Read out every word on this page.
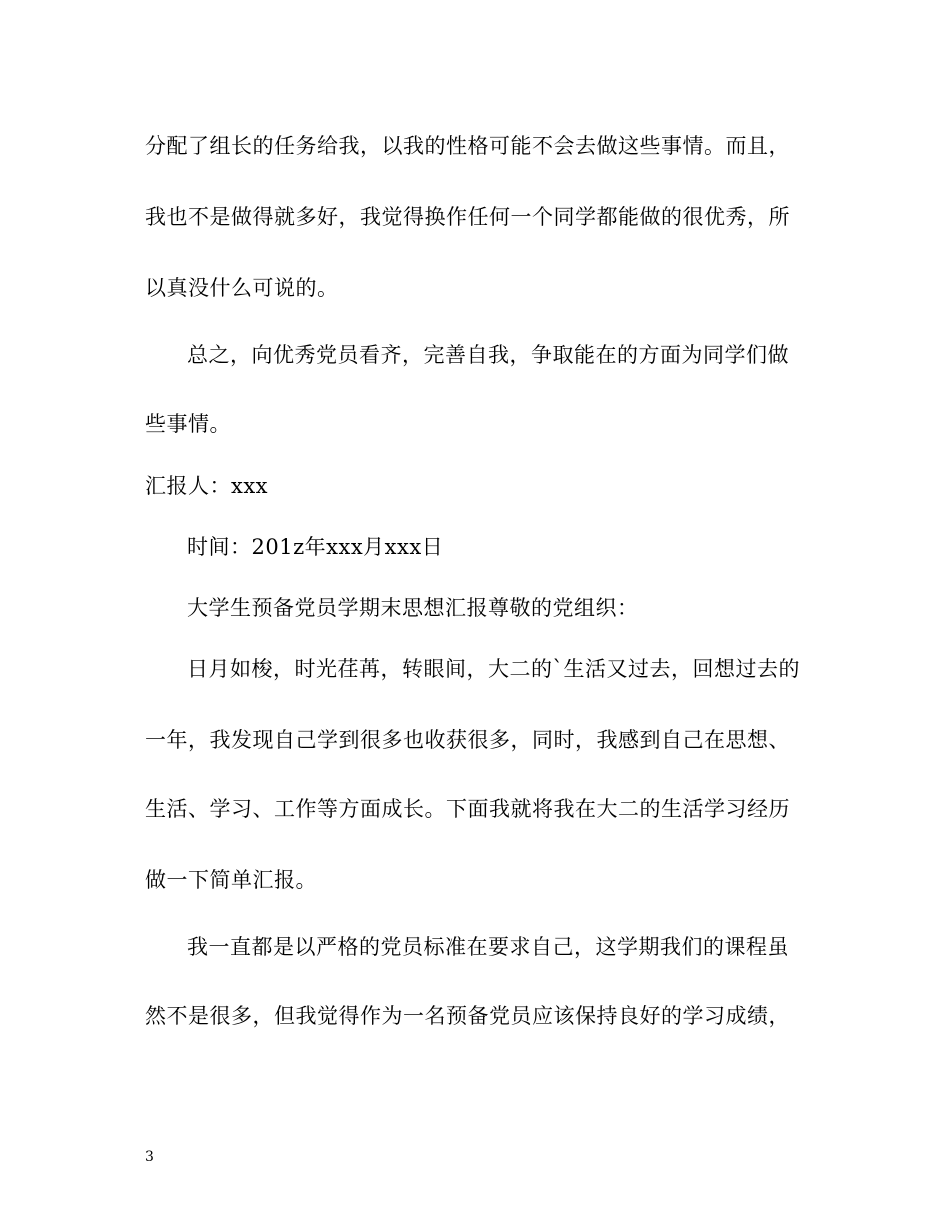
分配了组长的任务给我，以我的性格可能不会去做这些事情。而且，
我也不是做得就多好，我觉得换作任何一个同学都能做的很优秀，所
以真没什么可说的。
总之，向优秀党员看齐，完善自我，争取能在的方面为同学们做
些事情。
汇报人：xxx
时间：201z年xxx月xxx日
大学生预备党员学期末思想汇报尊敬的党组织：
日月如梭，时光荏苒，转眼间，大二的`生活又过去，回想过去的
一年，我发现自己学到很多也收获很多，同时，我感到自己在思想、
生活、学习、工作等方面成长。下面我就将我在大二的生活学习经历
做一下简单汇报。
我一直都是以严格的党员标准在要求自己，这学期我们的课程虽
然不是很多，但我觉得作为一名预备党员应该保持良好的学习成绩，
3
